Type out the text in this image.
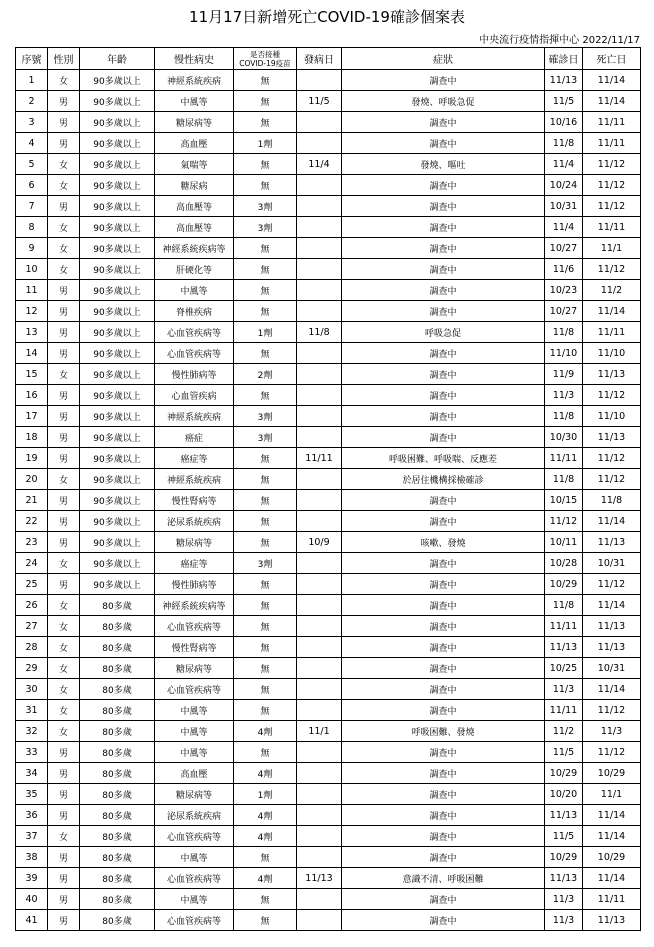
11月17日新增死亡COVID-19確診個案表
中央流行疫情指揮中心 2022/11/17
序號	性別	年齡	慢性病史	是否接種
COVID-19疫苗	發病日	症狀	確診日	死亡日
1	女	90多歲以上	神經系統疾病	無		調查中	11/13	11/14
2	男	90多歲以上	中風等	無	11/5	發燒、呼吸急促	11/5	11/14
3	男	90多歲以上	糖尿病等	無		調查中	10/16	11/11
4	男	90多歲以上	高血壓	1劑		調查中	11/8	11/11
5	女	90多歲以上	氣喘等	無	11/4	發燒、嘔吐	11/4	11/12
6	女	90多歲以上	糖尿病	無		調查中	10/24	11/12
7	男	90多歲以上	高血壓等	3劑		調查中	10/31	11/12
8	女	90多歲以上	高血壓等	3劑		調查中	11/4	11/11
9	女	90多歲以上	神經系統疾病等	無		調查中	10/27	11/1
10	女	90多歲以上	肝硬化等	無		調查中	11/6	11/12
11	男	90多歲以上	中風等	無		調查中	10/23	11/2
12	男	90多歲以上	脊椎疾病	無		調查中	10/27	11/14
13	男	90多歲以上	心血管疾病等	1劑	11/8	呼吸急促	11/8	11/11
14	男	90多歲以上	心血管疾病等	無		調查中	11/10	11/10
15	女	90多歲以上	慢性肺病等	2劑		調查中	11/9	11/13
16	男	90多歲以上	心血管疾病	無		調查中	11/3	11/12
17	男	90多歲以上	神經系統疾病	3劑		調查中	11/8	11/10
18	男	90多歲以上	癌症	3劑		調查中	10/30	11/13
19	男	90多歲以上	癌症等	無	11/11	呼吸困難、呼吸喘、反應差	11/11	11/12
20	女	90多歲以上	神經系統疾病	無		於居住機構採檢確診	11/8	11/12
21	男	90多歲以上	慢性腎病等	無		調查中	10/15	11/8
22	男	90多歲以上	泌尿系統疾病	無		調查中	11/12	11/14
23	男	90多歲以上	糖尿病等	無	10/9	咳嗽、發燒	10/11	11/13
24	女	90多歲以上	癌症等	3劑		調查中	10/28	10/31
25	男	90多歲以上	慢性肺病等	無		調查中	10/29	11/12
26	女	80多歲	神經系統疾病等	無		調查中	11/8	11/14
27	女	80多歲	心血管疾病等	無		調查中	11/11	11/13
28	女	80多歲	慢性腎病等	無		調查中	11/13	11/13
29	女	80多歲	糖尿病等	無		調查中	10/25	10/31
30	女	80多歲	心血管疾病等	無		調查中	11/3	11/14
31	女	80多歲	中風等	無		調查中	11/11	11/12
32	女	80多歲	中風等	4劑	11/1	呼吸困難、發燒	11/2	11/3
33	男	80多歲	中風等	無		調查中	11/5	11/12
34	男	80多歲	高血壓	4劑		調查中	10/29	10/29
35	男	80多歲	糖尿病等	1劑		調查中	10/20	11/1
36	男	80多歲	泌尿系統疾病	4劑		調查中	11/13	11/14
37	女	80多歲	心血管疾病等	4劑		調查中	11/5	11/14
38	男	80多歲	中風等	無		調查中	10/29	10/29
39	男	80多歲	心血管疾病等	4劑	11/13	意識不清、呼吸困難	11/13	11/14
40	男	80多歲	中風等	無		調查中	11/3	11/11
41	男	80多歲	心血管疾病等	無		調查中	11/3	11/13
